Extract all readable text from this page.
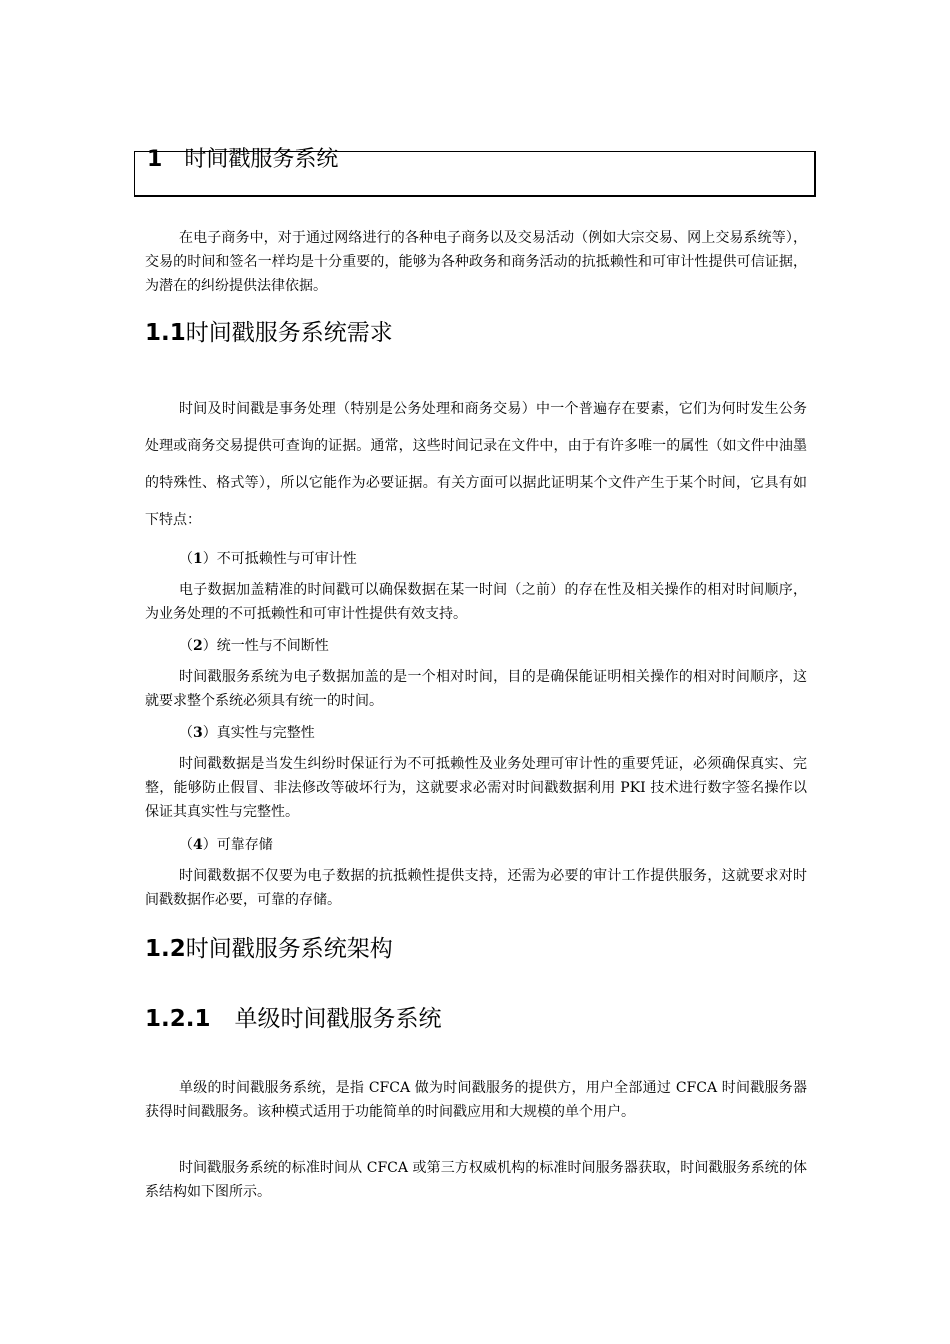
1 时间戳服务系统

在电子商务中，对于通过网络进行的各种电子商务以及交易活动（例如大宗交易、网上交易系统等），交易的时间和签名一样均是十分重要的，能够为各种政务和商务活动的抗抵赖性和可审计性提供可信证据，为潜在的纠纷提供法律依据。

1.1时间戳服务系统需求

时间及时间戳是事务处理（特别是公务处理和商务交易）中一个普遍存在要素，它们为何时发生公务处理或商务交易提供可查询的证据。通常，这些时间记录在文件中，由于有许多唯一的属性（如文件中油墨的特殊性、格式等），所以它能作为必要证据。有关方面可以据此证明某个文件产生于某个时间，它具有如下特点：

（1）不可抵赖性与可审计性

电子数据加盖精准的时间戳可以确保数据在某一时间（之前）的存在性及相关操作的相对时间顺序，为业务处理的不可抵赖性和可审计性提供有效支持。

（2）统一性与不间断性

时间戳服务系统为电子数据加盖的是一个相对时间，目的是确保能证明相关操作的相对时间顺序，这就要求整个系统必须具有统一的时间。

（3）真实性与完整性

时间戳数据是当发生纠纷时保证行为不可抵赖性及业务处理可审计性的重要凭证，必须确保真实、完整，能够防止假冒、非法修改等破坏行为，这就要求必需对时间戳数据利用 PKI 技术进行数字签名操作以保证其真实性与完整性。

（4）可靠存储

时间戳数据不仅要为电子数据的抗抵赖性提供支持，还需为必要的审计工作提供服务，这就要求对时间戳数据作必要，可靠的存储。

1.2时间戳服务系统架构
1.2.1 单级时间戳服务系统

单级的时间戳服务系统，是指 CFCA 做为时间戳服务的提供方，用户全部通过 CFCA 时间戳服务器获得时间戳服务。该种模式适用于功能简单的时间戳应用和大规模的单个用户。

时间戳服务系统的标准时间从 CFCA 或第三方权威机构的标准时间服务器获取，时间戳服务系统的体系结构如下图所示。
